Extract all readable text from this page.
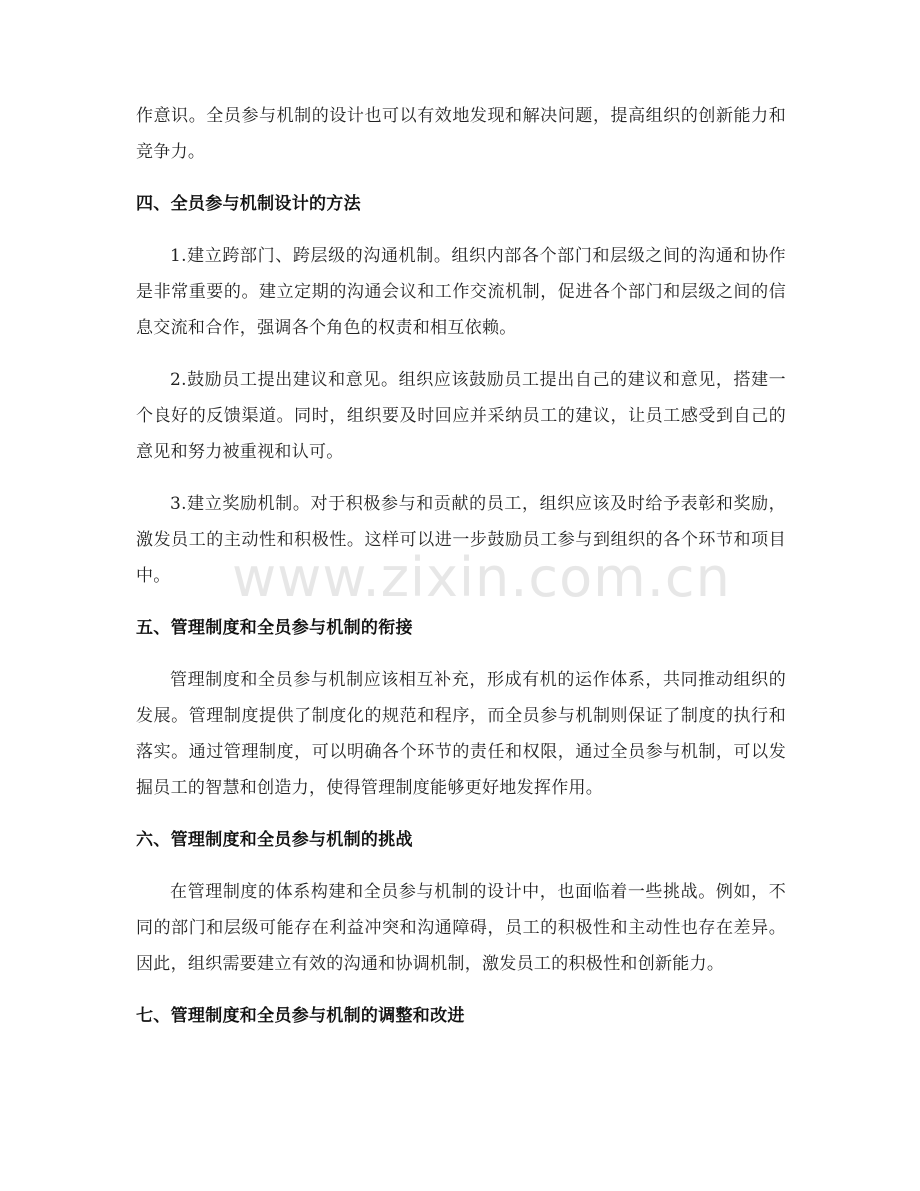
作意识。全员参与机制的设计也可以有效地发现和解决问题，提高组织的创新能力和竞争力。

四、全员参与机制设计的方法

1.建立跨部门、跨层级的沟通机制。组织内部各个部门和层级之间的沟通和协作是非常重要的。建立定期的沟通会议和工作交流机制，促进各个部门和层级之间的信息交流和合作，强调各个角色的权责和相互依赖。

2.鼓励员工提出建议和意见。组织应该鼓励员工提出自己的建议和意见，搭建一个良好的反馈渠道。同时，组织要及时回应并采纳员工的建议，让员工感受到自己的意见和努力被重视和认可。

3.建立奖励机制。对于积极参与和贡献的员工，组织应该及时给予表彰和奖励，激发员工的主动性和积极性。这样可以进一步鼓励员工参与到组织的各个环节和项目中。

五、管理制度和全员参与机制的衔接

管理制度和全员参与机制应该相互补充，形成有机的运作体系，共同推动组织的发展。管理制度提供了制度化的规范和程序，而全员参与机制则保证了制度的执行和落实。通过管理制度，可以明确各个环节的责任和权限，通过全员参与机制，可以发掘员工的智慧和创造力，使得管理制度能够更好地发挥作用。

六、管理制度和全员参与机制的挑战

在管理制度的体系构建和全员参与机制的设计中，也面临着一些挑战。例如，不同的部门和层级可能存在利益冲突和沟通障碍，员工的积极性和主动性也存在差异。因此，组织需要建立有效的沟通和协调机制，激发员工的积极性和创新能力。

七、管理制度和全员参与机制的调整和改进
www.zixin.com.cn
